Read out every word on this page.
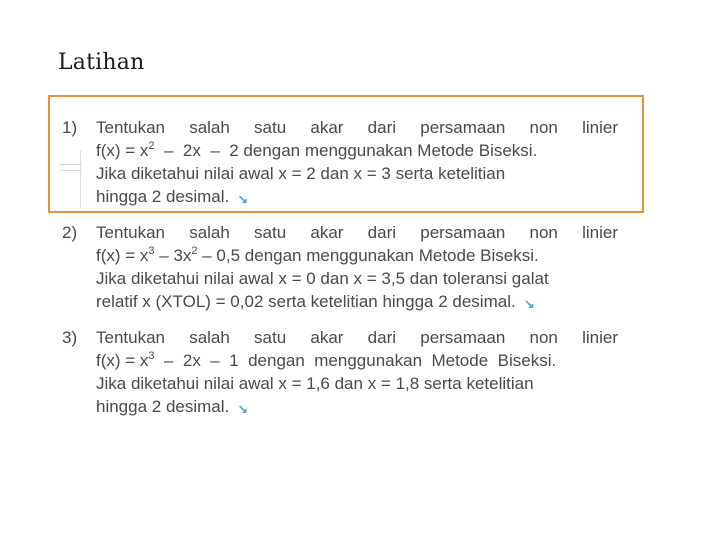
Latihan
1) Tentukan salah satu akar dari persamaan non linier
$f(x) = x^2 - 2x - 2$ dengan menggunakan Metode Biseksi.
Jika diketahui nilai awal x = 2 dan x = 3 serta ketelitian
hingga 2 desimal. ↘
2) Tentukan salah satu akar dari persamaan non linier
$f(x) = x^3 - 3x^2 - 0,5$ dengan menggunakan Metode Biseksi.
Jika diketahui nilai awal x = 0 dan x = 3,5 dan toleransi galat
relatif x (XTOL) = 0,02 serta ketelitian hingga 2 desimal. ↘
3) Tentukan salah satu akar dari persamaan non linier
$f(x) = x^3 - 2x - 1$  dengan  menggunakan  Metode  Biseksi.
Jika diketahui nilai awal x = 1,6 dan x = 1,8 serta ketelitian
hingga 2 desimal. ↘
